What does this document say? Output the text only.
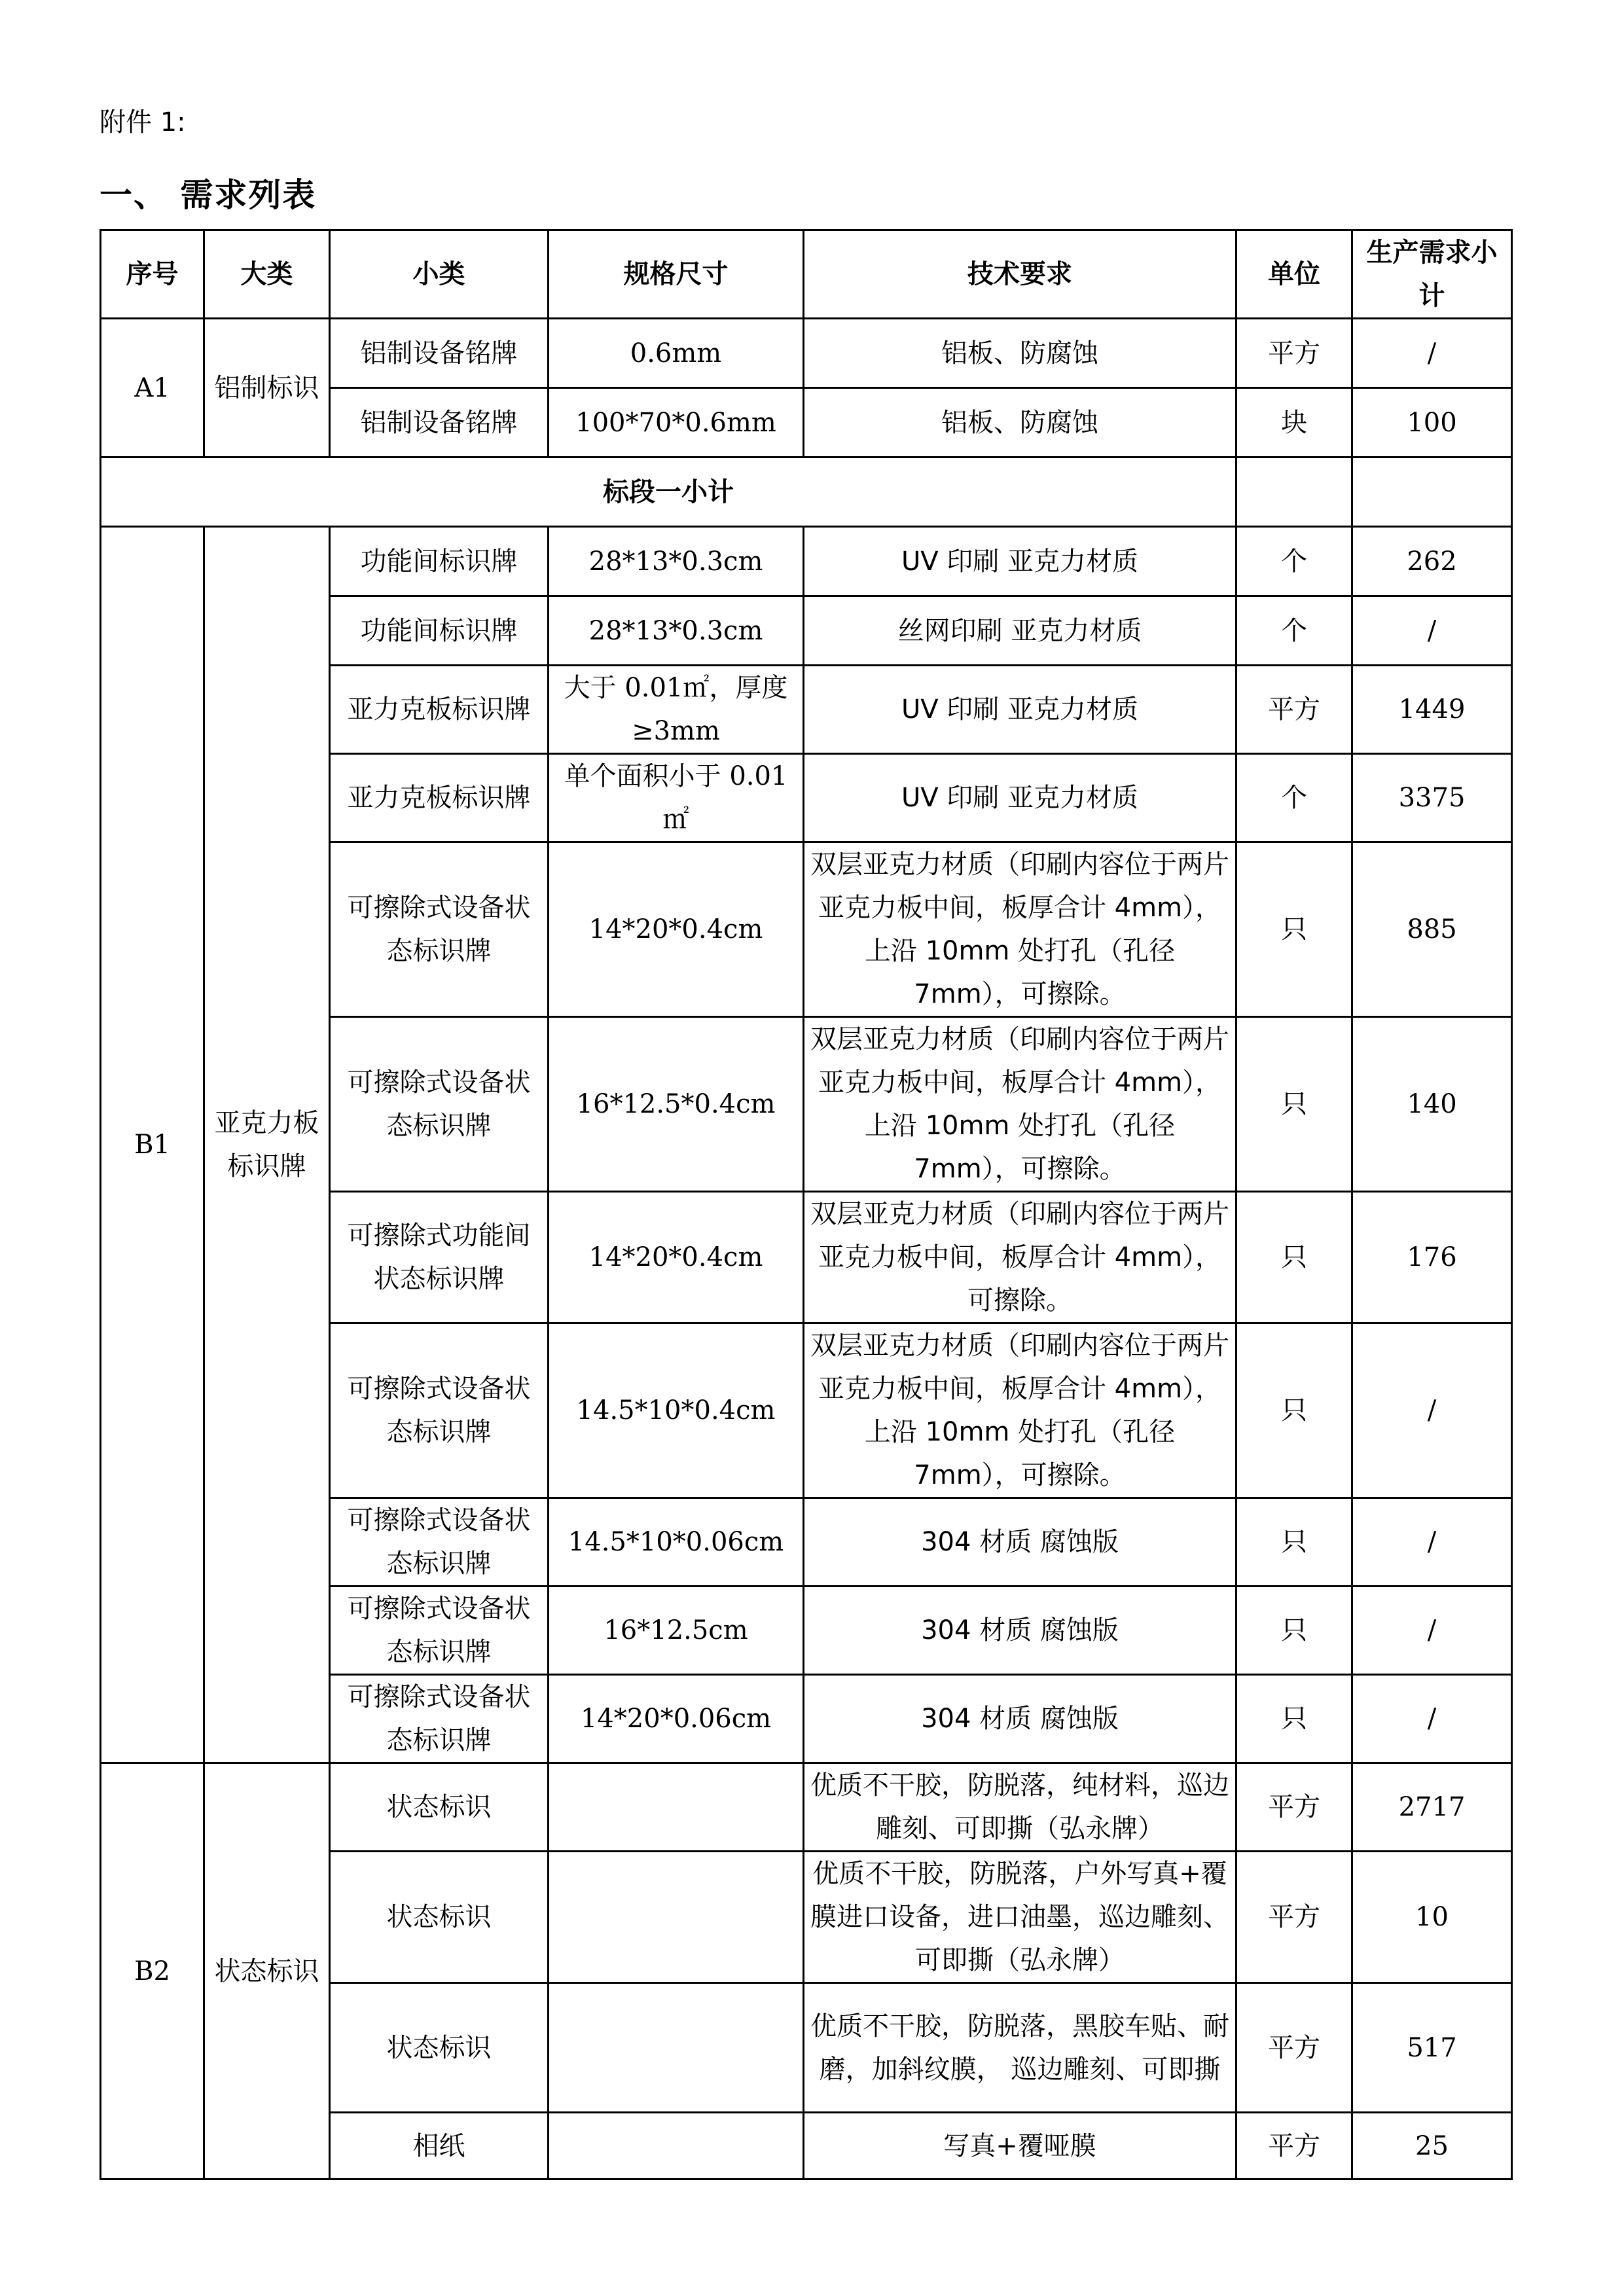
附件 1:
一、 需求列表
序号	大类	小类	规格尺寸	技术要求	单位	生产需求小计
A1	铝制标识	铝制设备铭牌	0.6mm	铝板、防腐蚀	平方	/
		铝制设备铭牌	100*70*0.6mm	铝板、防腐蚀	块	100
标段一小计						
B1	亚克力板标识牌	功能间标识牌	28*13*0.3cm	UV 印刷 亚克力材质	个	262
		功能间标识牌	28*13*0.3cm	丝网印刷 亚克力材质	个	/
		亚力克板标识牌	大于 0.01㎡，厚度≥3mm	UV 印刷 亚克力材质	平方	1449
		亚力克板标识牌	单个面积小于 0.01㎡	UV 印刷 亚克力材质	个	3375
		可擦除式设备状态标识牌	14*20*0.4cm	双层亚克力材质（印刷内容位于两片亚克力板中间，板厚合计 4mm），上沿 10mm 处打孔（孔径 7mm），可擦除。	只	885
		可擦除式设备状态标识牌	16*12.5*0.4cm	双层亚克力材质（印刷内容位于两片亚克力板中间，板厚合计 4mm），上沿 10mm 处打孔（孔径 7mm），可擦除。	只	140
		可擦除式功能间状态标识牌	14*20*0.4cm	双层亚克力材质（印刷内容位于两片亚克力板中间，板厚合计 4mm），可擦除。	只	176
		可擦除式设备状态标识牌	14.5*10*0.4cm	双层亚克力材质（印刷内容位于两片亚克力板中间，板厚合计 4mm），上沿 10mm 处打孔（孔径 7mm），可擦除。	只	/
		可擦除式设备状态标识牌	14.5*10*0.06cm	304 材质 腐蚀版	只	/
		可擦除式设备状态标识牌	16*12.5cm	304 材质 腐蚀版	只	/
		可擦除式设备状态标识牌	14*20*0.06cm	304 材质 腐蚀版	只	/
B2	状态标识	状态标识		优质不干胶，防脱落，纯材料，巡边雕刻、可即撕（弘永牌）	平方	2717
		状态标识		优质不干胶，防脱落，户外写真+覆膜进口设备，进口油墨，巡边雕刻、可即撕（弘永牌）	平方	10
		状态标识		优质不干胶，防脱落，黑胶车贴、耐磨，加斜纹膜， 巡边雕刻、可即撕	平方	517
		相纸		写真+覆哑膜	平方	25
